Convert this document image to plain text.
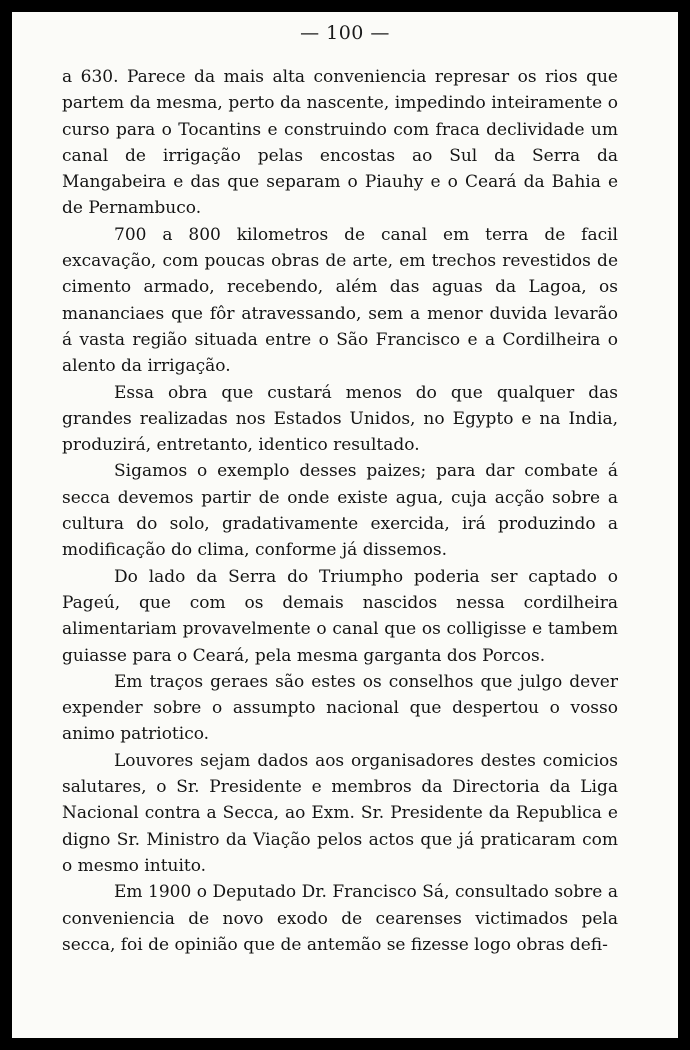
— 100 —

a 630. Parece da mais alta conveniencia represar os rios que partem da mesma, perto da nascente, impedindo inteiramente o curso para o Tocantins e construindo com fraca declividade um canal de irrigação pelas encostas ao Sul da Serra da Mangabeira e das que separam o Piauhy e o Ceará da Bahia e de Pernambuco.

700 a 800 kilometros de canal em terra de facil excavação, com poucas obras de arte, em trechos revestidos de cimento armado, recebendo, além das aguas da Lagoa, os mananciaes que fôr atravessando, sem a menor duvida levarão á vasta região situada entre o São Francisco e a Cordilheira o alento da irrigação.

Essa obra que custará menos do que qualquer das grandes realizadas nos Estados Unidos, no Egypto e na India, produzirá, entretanto, identico resultado.

Sigamos o exemplo desses paizes; para dar combate á secca devemos partir de onde existe agua, cuja acção sobre a cultura do solo, gradativamente exercida, irá produzindo a modificação do clima, conforme já dissemos.

Do lado da Serra do Triumpho poderia ser captado o Pageú, que com os demais nascidos nessa cordilheira alimentariam provavelmente o canal que os colligisse e tambem guiasse para o Ceará, pela mesma garganta dos Porcos.

Em traços geraes são estes os conselhos que julgo dever expender sobre o assumpto nacional que despertou o vosso animo patriotico.

Louvores sejam dados aos organisadores destes comicios salutares, o Sr. Presidente e membros da Directoria da Liga Nacional contra a Secca, ao Exm. Sr. Presidente da Republica e digno Sr. Ministro da Viação pelos actos que já praticaram com o mesmo intuito.

Em 1900 o Deputado Dr. Francisco Sá, consultado sobre a conveniencia de novo exodo de cearenses victimados pela secca, foi de opinião que de antemão se fizesse logo obras defi-
